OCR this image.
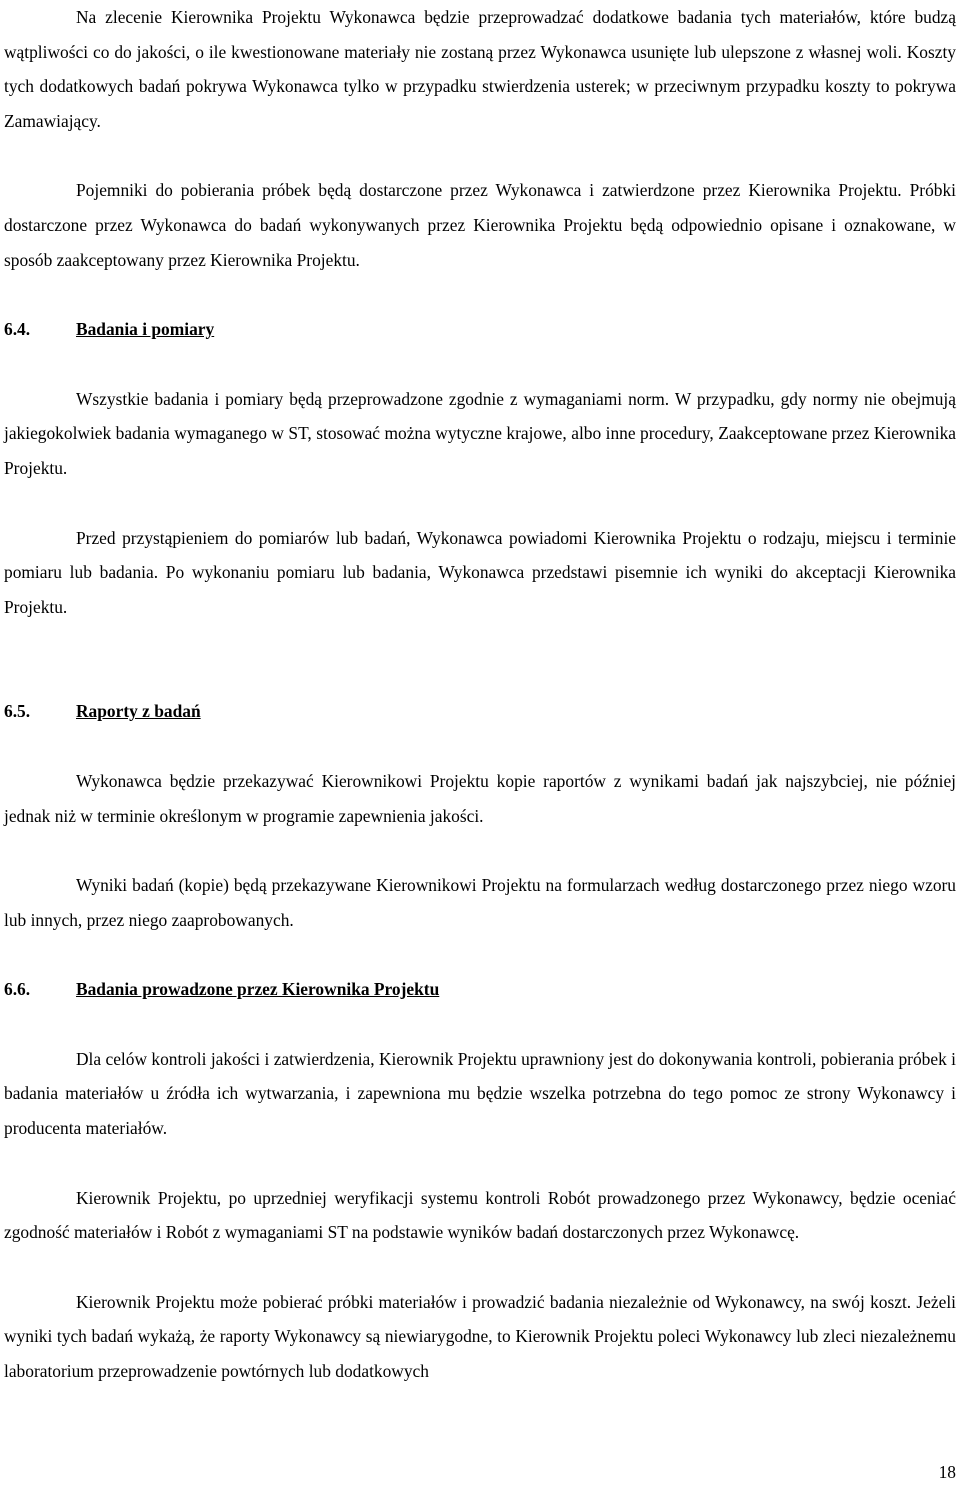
Na zlecenie Kierownika Projektu Wykonawca będzie przeprowadzać dodatkowe badania tych materiałów, które budzą wątpliwości co do jakości, o ile kwestionowane materiały nie zostaną przez Wykonawca usunięte lub ulepszone z własnej woli. Koszty tych dodatkowych badań pokrywa Wykonawca tylko w przypadku stwierdzenia usterek; w przeciwnym przypadku koszty to pokrywa Zamawiający.

Pojemniki do pobierania próbek będą dostarczone przez Wykonawca i zatwierdzone przez Kierownika Projektu. Próbki dostarczone przez Wykonawca do badań wykonywanych przez Kierownika Projektu będą odpowiednio opisane i oznakowane, w sposób zaakceptowany przez Kierownika Projektu.

6.4.	Badania i pomiary

Wszystkie badania i pomiary będą przeprowadzone zgodnie z wymaganiami norm. W przypadku, gdy normy nie obejmują jakiegokolwiek badania wymaganego w ST, stosować można wytyczne krajowe, albo inne procedury, Zaakceptowane przez Kierownika Projektu.

Przed przystąpieniem do pomiarów lub badań, Wykonawca powiadomi Kierownika Projektu o rodzaju, miejscu i terminie pomiaru lub badania. Po wykonaniu pomiaru lub badania, Wykonawca przedstawi pisemnie ich wyniki do akceptacji Kierownika Projektu.

6.5.	Raporty z badań

Wykonawca będzie przekazywać Kierownikowi Projektu kopie raportów z wynikami badań jak najszybciej, nie później jednak niż w terminie określonym w programie zapewnienia jakości.

Wyniki badań (kopie) będą przekazywane Kierownikowi Projektu na formularzach według dostarczonego przez niego wzoru lub innych, przez niego zaaprobowanych.

6.6.	Badania prowadzone przez Kierownika Projektu

Dla celów kontroli jakości i zatwierdzenia, Kierownik Projektu uprawniony jest do dokonywania kontroli, pobierania próbek i badania materiałów u źródła ich wytwarzania, i zapewniona mu będzie wszelka potrzebna do tego pomoc ze strony Wykonawcy i producenta materiałów.

Kierownik Projektu, po uprzedniej weryfikacji systemu kontroli Robót prowadzonego przez Wykonawcy, będzie oceniać zgodność materiałów i Robót z wymaganiami ST na podstawie wyników badań dostarczonych przez Wykonawcę.

Kierownik Projektu może pobierać próbki materiałów i prowadzić badania niezależnie od Wykonawcy, na swój koszt. Jeżeli wyniki tych badań wykażą, że raporty Wykonawcy są niewiarygodne, to Kierownik Projektu poleci Wykonawcy lub zleci niezależnemu laboratorium przeprowadzenie powtórnych lub dodatkowych

18
